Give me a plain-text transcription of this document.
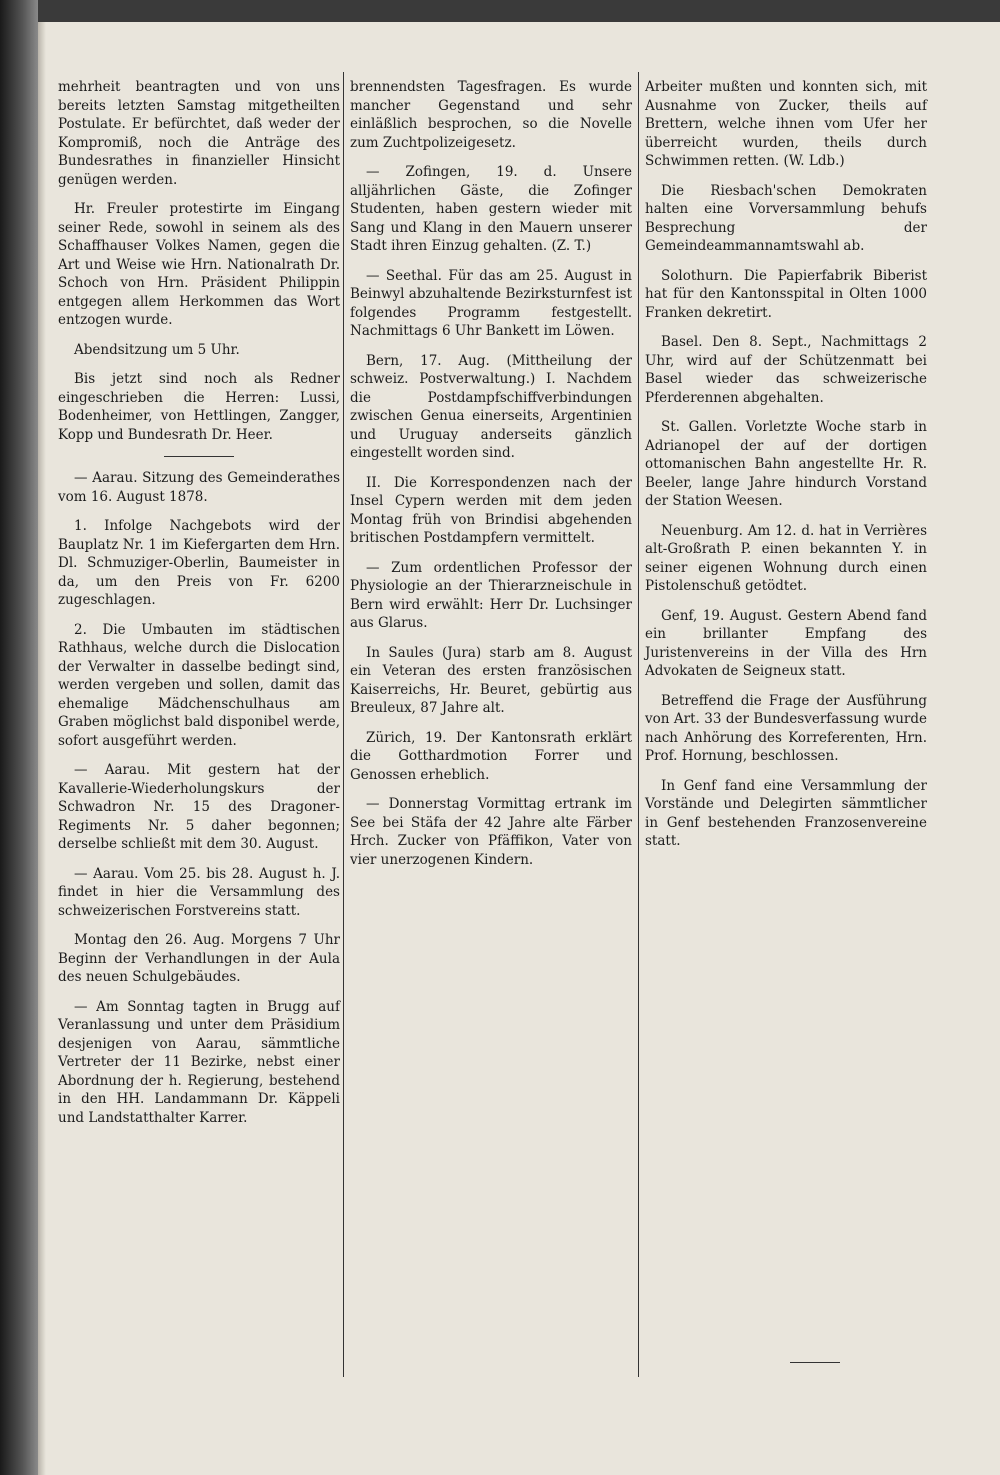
mehrheit beantragten und von uns bereits letzten Samstag mitgetheilten Postulate. Er befürchtet, daß weder der Kompromiß, noch die Anträge des Bundesrathes in finanzieller Hinsicht genügen werden.

Hr. Freuler protestirte im Eingang seiner Rede, sowohl in seinem als des Schaffhauser Volkes Namen, gegen die Art und Weise wie Hrn. Nationalrath Dr. Schoch von Hrn. Präsident Philippin entgegen allem Herkommen das Wort entzogen wurde.

Abendsitzung um 5 Uhr.

Bis jetzt sind noch als Redner eingeschrieben die Herren: Lussi, Bodenheimer, von Hettlingen, Zangger, Kopp und Bundesrath Dr. Heer.

— Aarau. Sitzung des Gemeinderathes vom 16. August 1878.

1. Infolge Nachgebots wird der Bauplatz Nr. 1 im Kiefergarten dem Hrn. Dl. Schmuziger-Oberlin, Baumeister in da, um den Preis von Fr. 6200 zugeschlagen.

2. Die Umbauten im städtischen Rathhaus, welche durch die Dislocation der Verwalter in dasselbe bedingt sind, werden vergeben und sollen, damit das ehemalige Mädchenschulhaus am Graben möglichst bald disponibel werde, sofort ausgeführt werden.

— Aarau. Mit gestern hat der Kavallerie-Wiederholungskurs der Schwadron Nr. 15 des Dragoner-Regiments Nr. 5 daher begonnen; derselbe schließt mit dem 30. August.

— Aarau. Vom 25. bis 28. August h. J. findet in hier die Versammlung des schweizerischen Forstvereins statt.

Montag den 26. Aug. Morgens 7 Uhr Beginn der Verhandlungen in der Aula des neuen Schulgebäudes.

— Am Sonntag tagten in Brugg auf Veranlassung und unter dem Präsidium desjenigen von Aarau, sämmtliche Vertreter der 11 Bezirke, nebst einer Abordnung der h. Regierung, bestehend in den HH. Landammann Dr. Käppeli und Landstatthalter Karrer.

brennendsten Tagesfragen. Es wurde mancher Gegenstand und sehr einläßlich besprochen, so die Novelle zum Zuchtpolizeigesetz.

— Zofingen, 19. d. Unsere alljährlichen Gäste, die Zofinger Studenten, haben gestern wieder mit Sang und Klang in den Mauern unserer Stadt ihren Einzug gehalten. (Z. T.)

— Seethal. Für das am 25. August in Beinwyl abzuhaltende Bezirksturnfest ist folgendes Programm festgestellt. Nachmittags 6 Uhr Bankett im Löwen.

Bern, 17. Aug. (Mittheilung der schweiz. Postverwaltung.) I. Nachdem die Postdampfschiffverbindungen zwischen Genua einerseits, Argentinien und Uruguay anderseits gänzlich eingestellt worden sind.

II. Die Korrespondenzen nach der Insel Cypern werden mit dem jeden Montag früh von Brindisi abgehenden britischen Postdampfern vermittelt.

— Zum ordentlichen Professor der Physiologie an der Thierarzneischule in Bern wird erwählt: Herr Dr. Luchsinger aus Glarus.

In Saules (Jura) starb am 8. August ein Veteran des ersten französischen Kaiserreichs, Hr. Beuret, gebürtig aus Breuleux, 87 Jahre alt.

Zürich, 19. Der Kantonsrath erklärt die Gotthardmotion Forrer und Genossen erheblich.

— Donnerstag Vormittag ertrank im See bei Stäfa der 42 Jahre alte Färber Hrch. Zucker von Pfäffikon, Vater von vier unerzogenen Kindern.

Arbeiter mußten und konnten sich, mit Ausnahme von Zucker, theils auf Brettern, welche ihnen vom Ufer her überreicht wurden, theils durch Schwimmen retten. (W. Ldb.)

Die Riesbach'schen Demokraten halten eine Vorversammlung behufs Besprechung der Gemeindeammannamtswahl ab.

Solothurn. Die Papierfabrik Biberist hat für den Kantonsspital in Olten 1000 Franken dekretirt.

Basel. Den 8. Sept., Nachmittags 2 Uhr, wird auf der Schützenmatt bei Basel wieder das schweizerische Pferderennen abgehalten.

St. Gallen. Vorletzte Woche starb in Adrianopel der auf der dortigen ottomanischen Bahn angestellte Hr. R. Beeler, lange Jahre hindurch Vorstand der Station Weesen.

Neuenburg. Am 12. d. hat in Verrières alt-Großrath P. einen bekannten Y. in seiner eigenen Wohnung durch einen Pistolenschuß getödtet.

Genf, 19. August. Gestern Abend fand ein brillanter Empfang des Juristenvereins in der Villa des Hrn Advokaten de Seigneux statt.

Betreffend die Frage der Ausführung von Art. 33 der Bundesverfassung wurde nach Anhörung des Korreferenten, Hrn. Prof. Hornung, beschlossen.

In Genf fand eine Versammlung der Vorstände und Delegirten sämmtlicher in Genf bestehenden Franzosenvereine statt.
